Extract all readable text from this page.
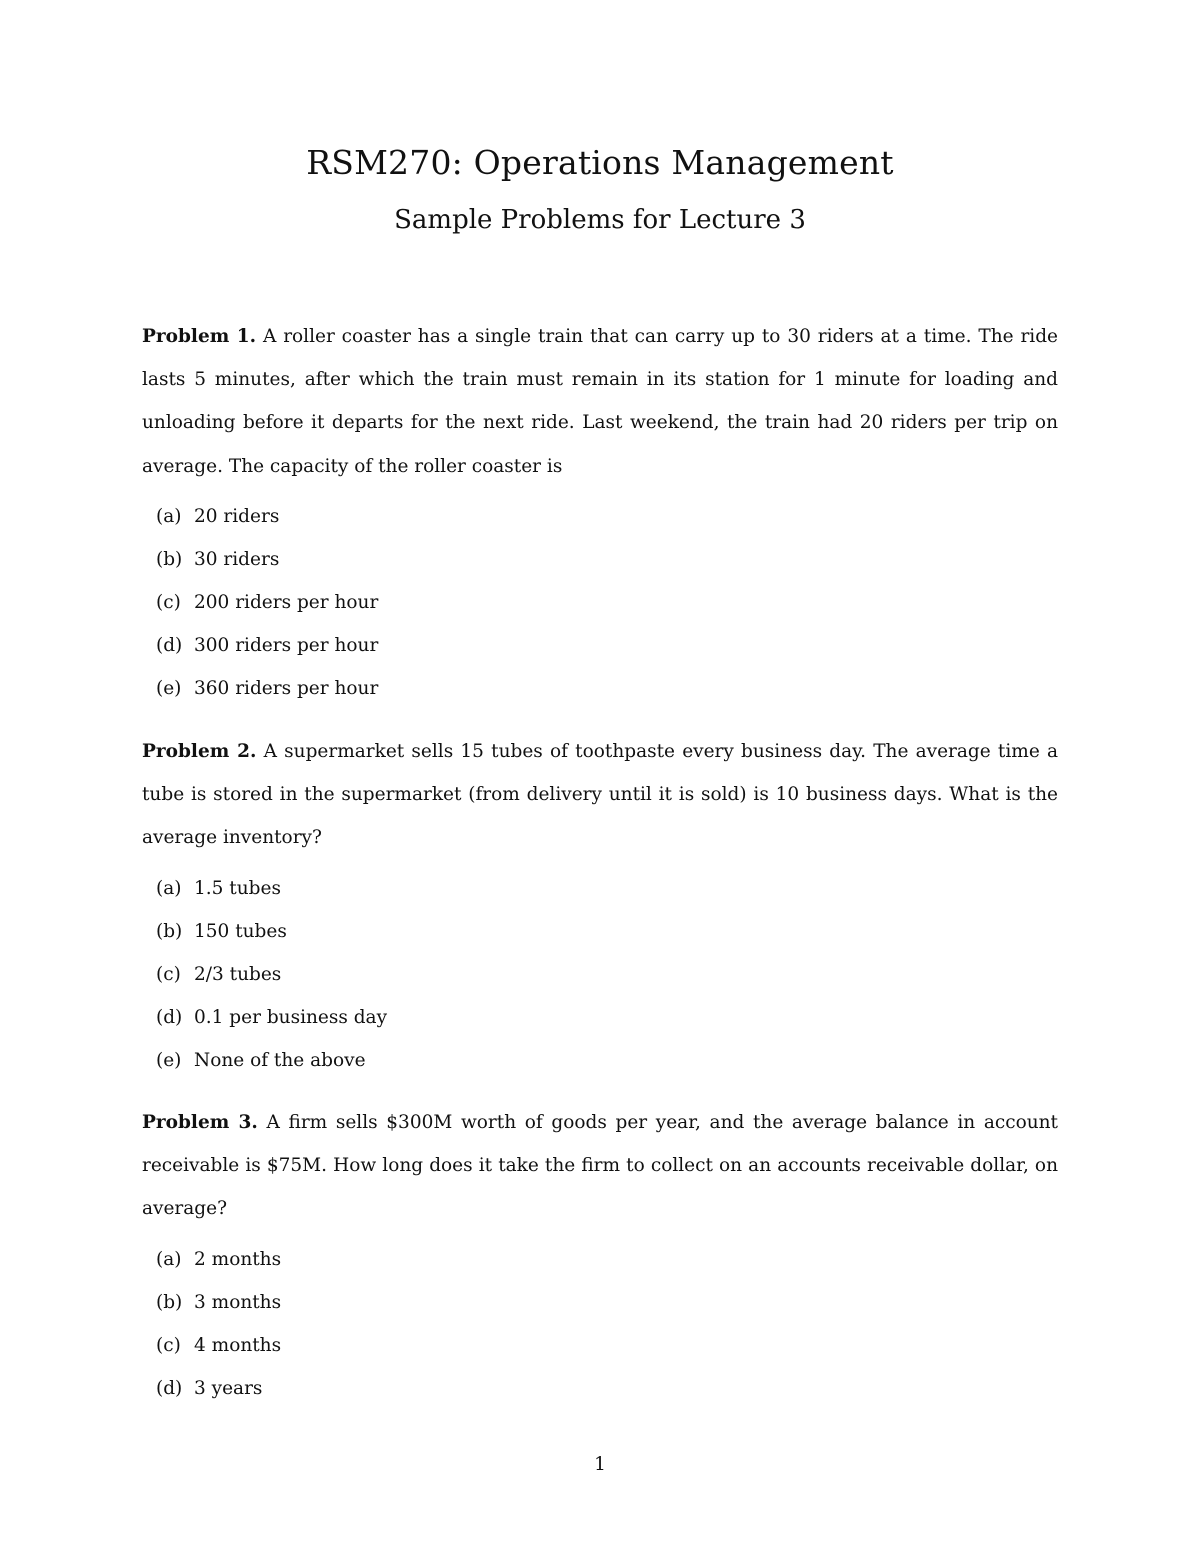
RSM270: Operations Management
Sample Problems for Lecture 3

Problem 1. A roller coaster has a single train that can carry up to 30 riders at a time. The ride lasts 5 minutes, after which the train must remain in its station for 1 minute for loading and unloading before it departs for the next ride. Last weekend, the train had 20 riders per trip on average. The capacity of the roller coaster is

(a) 20 riders
(b) 30 riders
(c) 200 riders per hour
(d) 300 riders per hour
(e) 360 riders per hour

Problem 2. A supermarket sells 15 tubes of toothpaste every business day. The average time a tube is stored in the supermarket (from delivery until it is sold) is 10 business days. What is the average inventory?

(a) 1.5 tubes
(b) 150 tubes
(c) 2/3 tubes
(d) 0.1 per business day
(e) None of the above

Problem 3. A firm sells $300M worth of goods per year, and the average balance in account receivable is $75M. How long does it take the firm to collect on an accounts receivable dollar, on average?

(a) 2 months
(b) 3 months
(c) 4 months
(d) 3 years
1
